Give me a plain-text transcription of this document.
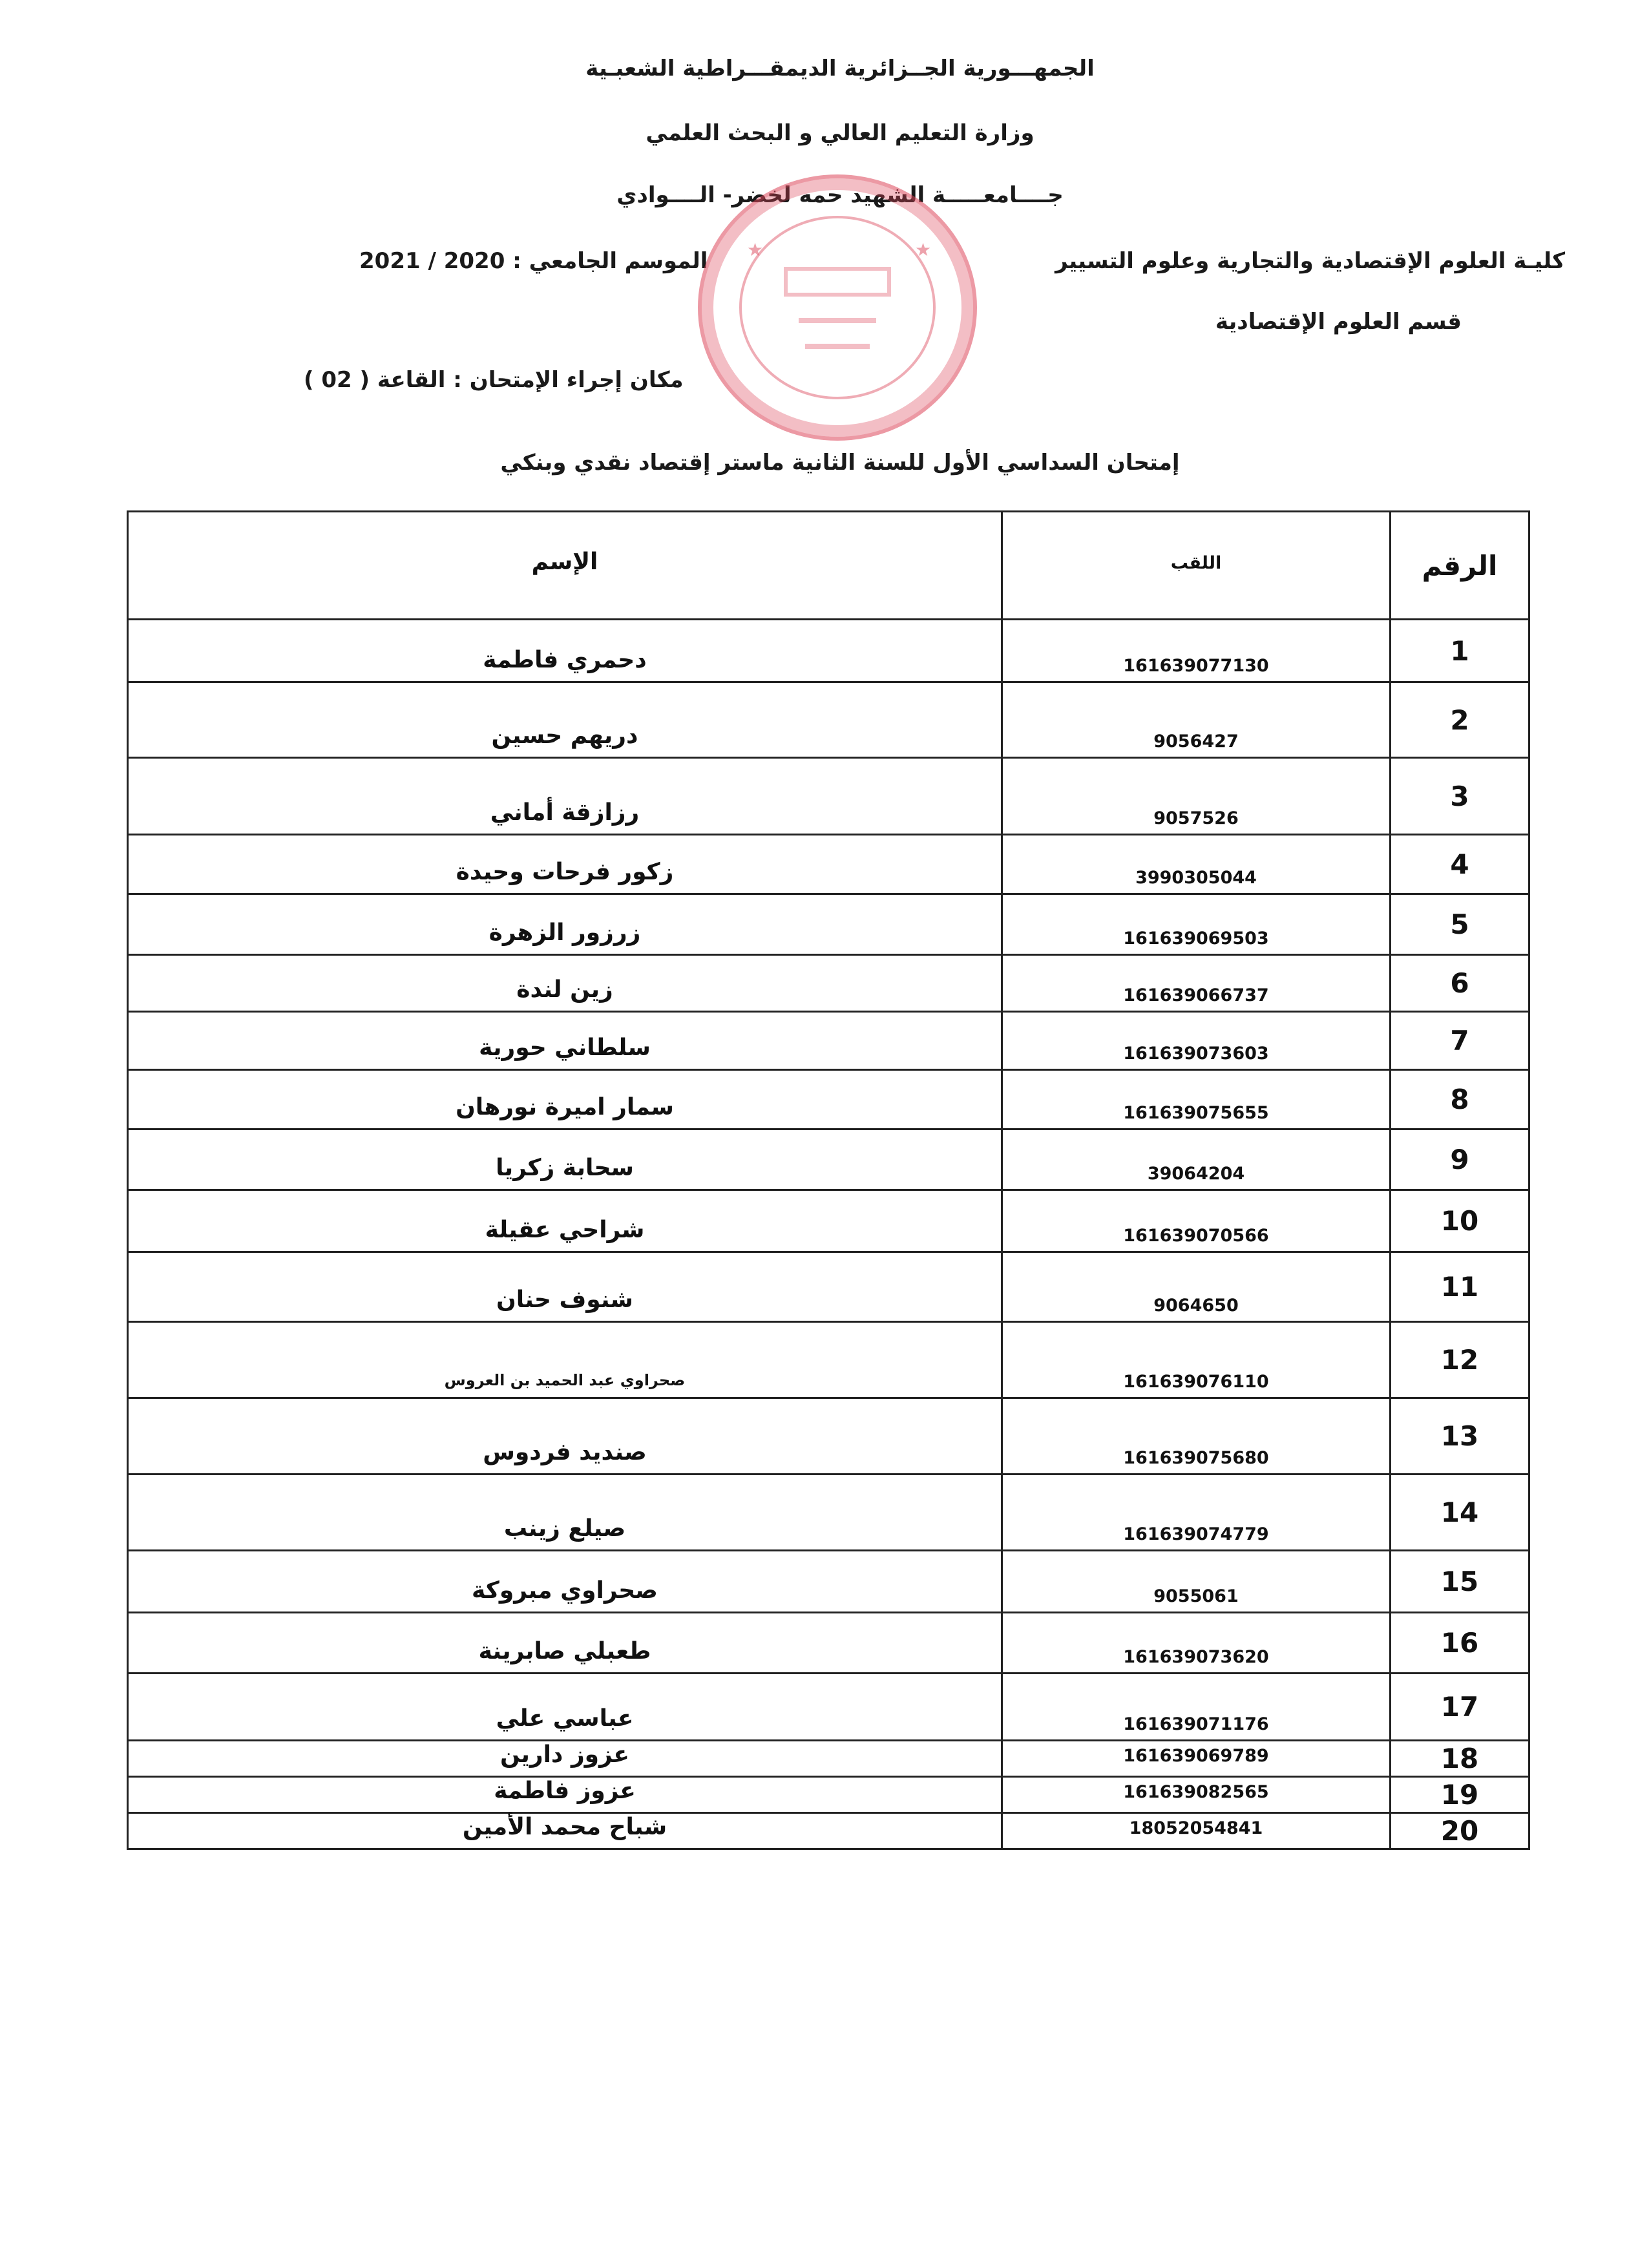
الجمهـــورية الجــزائرية الديمقـــراطية الشعبـية
وزارة التعليم العالي و البحث العلمي
جــــامعـــــة الشهيد حمه لخضر- الــــوادي
كليـة العلوم الإقتصادية والتجارية وعلوم التسيير
2021 / 2020 الموسم الجامعي :
قسم العلوم الإقتصادية
( 02 ) مكان إجراء الإمتحان : القاعة
★	★
إمتحان السداسي الأول للسنة الثانية ماستر إقتصاد نقدي وبنكي
الرقم	اللقب	الإسم
1	161639077130	دحمري فاطمة
2	9056427	دريهم حسين
3	9057526	رزازقة أماني
4	3990305044	زكور فرحات وحيدة
5	161639069503	زرزور الزهرة
6	161639066737	زين لندة
7	161639073603	سلطاني حورية
8	161639075655	سمار اميرة نورهان
9	39064204	سحابة زكريا
10	161639070566	شراحي عقيلة
11	9064650	شنوف حنان
12	161639076110	صحراوي عبد الحميد بن العروس
13	161639075680	صنديد فردوس
14	161639074779	صيلع زينب
15	9055061	صحراوي مبروكة
16	161639073620	طعبلي صابرينة
17	161639071176	عباسي علي
18	161639069789	عزوز دارين
19	161639082565	عزوز فاطمة
20	18052054841	شباح محمد الأمين
